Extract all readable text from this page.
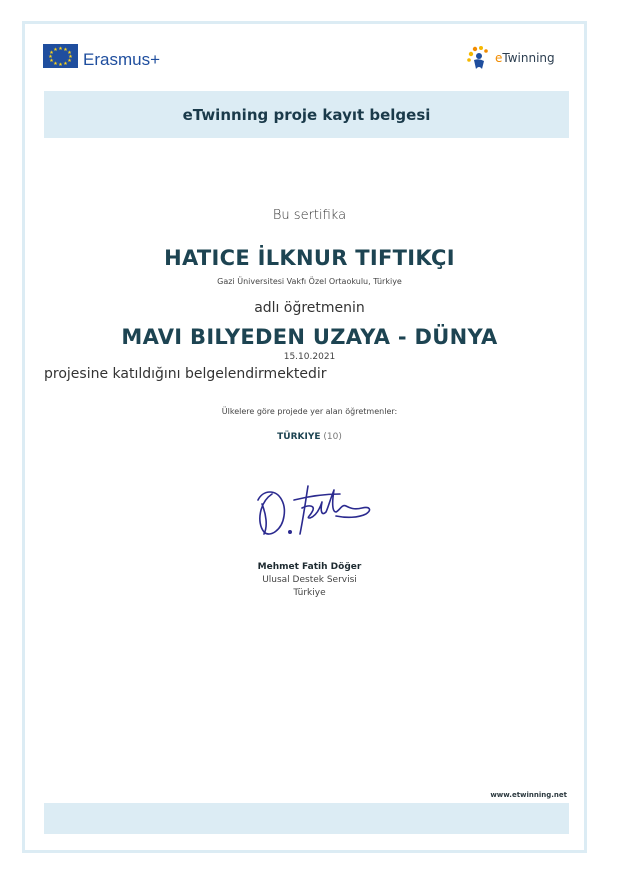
★ ★ ★
★
★
★
★
★
★
★
★ ★ Erasmus+	eTwinning
eTwinning proje kayıt belgesi
Bu sertifika
HATICE İLKNUR TIFTIKÇI
Gazi Üniversitesi Vakfı Özel Ortaokulu, Türkiye
adlı öğretmenin
MAVI BILYEDEN UZAYA - DÜNYA
15.10.2021
projesine katıldığını belgelendirmektedir
Ülkelere göre projede yer alan öğretmenler:
TÜRKIYE (10)
Mehmet Fatih Döğer
Ulusal Destek Servisi
Türkiye
www.etwinning.net
